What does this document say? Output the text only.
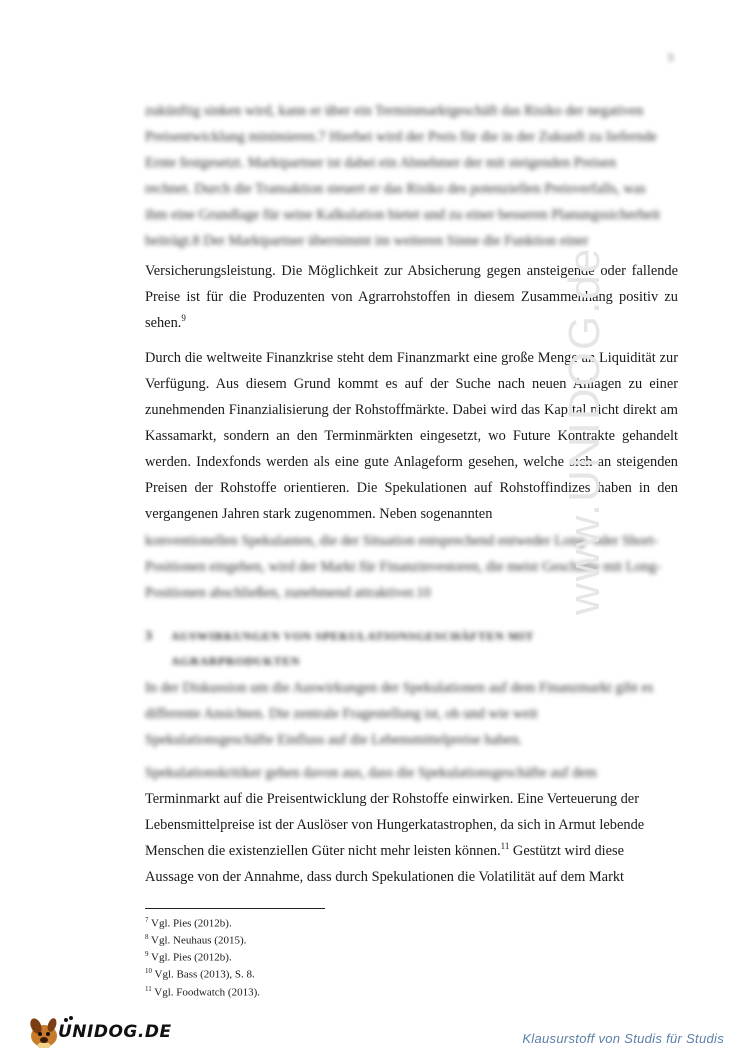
5
zukünftig sinken wird, kann er über ein Terminmarktgeschäft das Risiko der negativen
Preisentwicklung minimieren.7 Hierbei wird der Preis für die in der Zukunft zu liefernde
Ernte festgesetzt. Marktpartner ist dabei ein Abnehmer der mit steigenden Preisen
rechnet. Durch die Transaktion steuert er das Risiko des potenziellen Preisverfalls, was
ihm eine Grundlage für seine Kalkulation bietet und zu einer besseren Planungssicherheit
beiträgt.8 Der Marktpartner übernimmt im weiteren Sinne die Funktion einer
Versicherungsleistung. Die Möglichkeit zur Absicherung gegen ansteigende oder fallende Preise ist für die Produzenten von Agrarrohstoffen in diesem Zusammenhang positiv zu sehen.$^9$
Durch die weltweite Finanzkrise steht dem Finanzmarkt eine große Menge an Liquidität zur Verfügung. Aus diesem Grund kommt es auf der Suche nach neuen Anlagen zu einer zunehmenden Finanzialisierung der Rohstoffmärkte. Dabei wird das Kapital nicht direkt am Kassamarkt, sondern an den Terminmärkten eingesetzt, wo Future Kontrakte gehandelt werden. Indexfonds werden als eine gute Anlageform gesehen, welche sich an steigenden Preisen der Rohstoffe orientieren. Die Spekulationen auf Rohstoffindizes haben in den vergangenen Jahren stark zugenommen. Neben sogenannten
konventionellen Spekulanten, die der Situation entsprechend entweder Long- oder Short-
Positionen eingehen, wird der Markt für Finanzinvestoren, die meist Geschäfte mit Long-
Positionen abschließen, zunehmend attraktiver.10
3 AUSWIRKUNGEN VON SPEKULATIONSGESCHÄFTEN MIT
AGRARPRODUKTEN
In der Diskussion um die Auswirkungen der Spekulationen auf dem Finanzmarkt gibt es
differente Ansichten. Die zentrale Fragestellung ist, ob und wie weit
Spekulationsgeschäfte Einfluss auf die Lebensmittelpreise haben.
Spekulationskritiker gehen davon aus, dass die Spekulationsgeschäfte auf dem
Terminmarkt auf die Preisentwicklung der Rohstoffe einwirken. Eine Verteuerung der
Lebensmittelpreise ist der Auslöser von Hungerkatastrophen, da sich in Armut lebende
Menschen die existenziellen Güter nicht mehr leisten können.$^{11}$ Gestützt wird diese
Aussage von der Annahme, dass durch Spekulationen die Volatilität auf dem Markt
www.UNIDOG.de
$^7$ Vgl. Pies (2012b).
$^8$ Vgl. Neuhaus (2015).
$^9$ Vgl. Pies (2012b).
$^{10}$ Vgl. Bass (2013), S. 8.
$^{11}$ Vgl. Foodwatch (2013).
UNIDOG.DE	Klausurstoff von Studis für Studis
